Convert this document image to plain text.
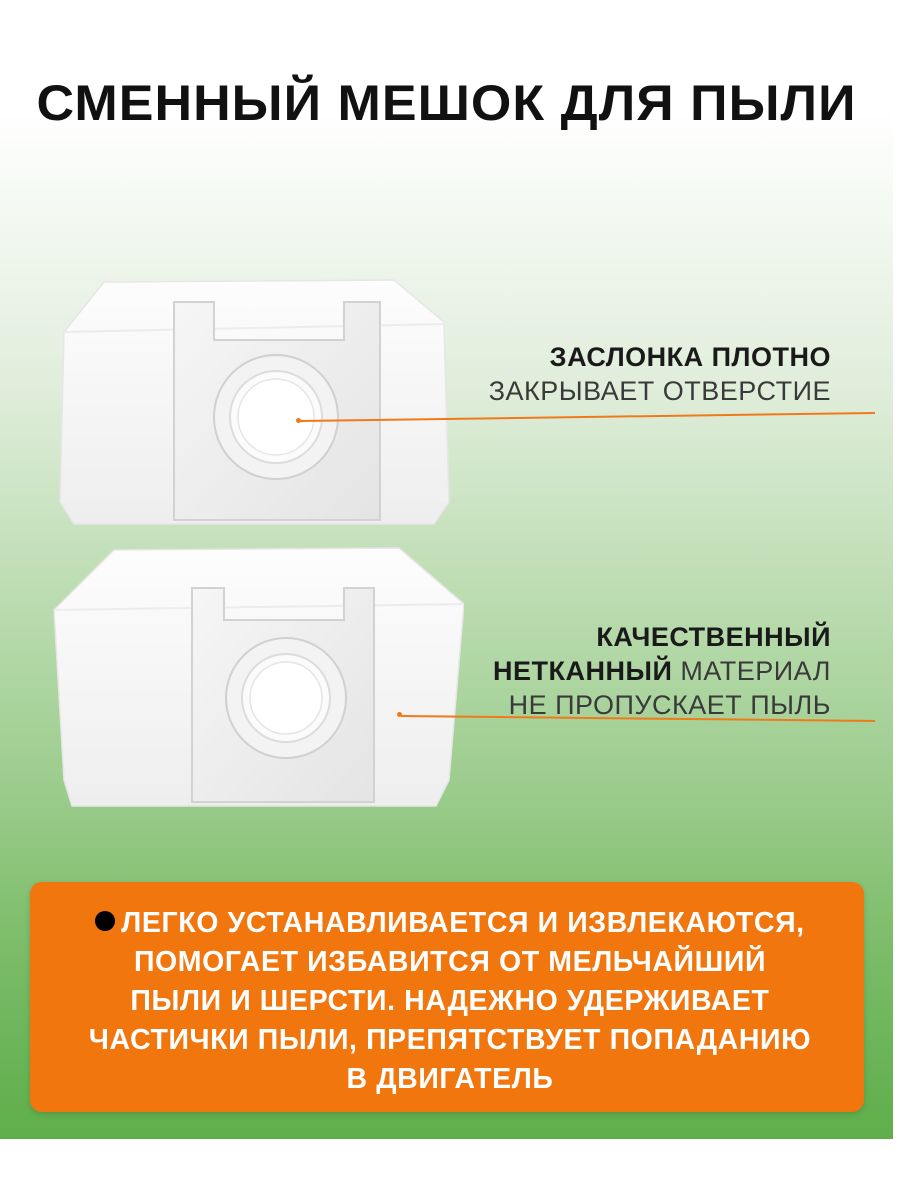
СМЕННЫЙ МЕШОК ДЛЯ ПЫЛИ
ЗАСЛОНКА ПЛОТНО
ЗАКРЫВАЕТ ОТВЕРСТИЕ
КАЧЕСТВЕННЫЙ
НЕТКАННЫЙ МАТЕРИАЛ
НЕ ПРОПУСКАЕТ ПЫЛЬ
ЛЕГКО УСТАНАВЛИВАЕТСЯ И ИЗВЛЕКАЮТСЯ,
ПОМОГАЕТ ИЗБАВИТСЯ ОТ МЕЛЬЧАЙШИЙ
ПЫЛИ И ШЕРСТИ. НАДЕЖНО УДЕРЖИВАЕТ
ЧАСТИЧКИ ПЫЛИ, ПРЕПЯТСТВУЕТ ПОПАДАНИЮ
В ДВИГАТЕЛЬ
